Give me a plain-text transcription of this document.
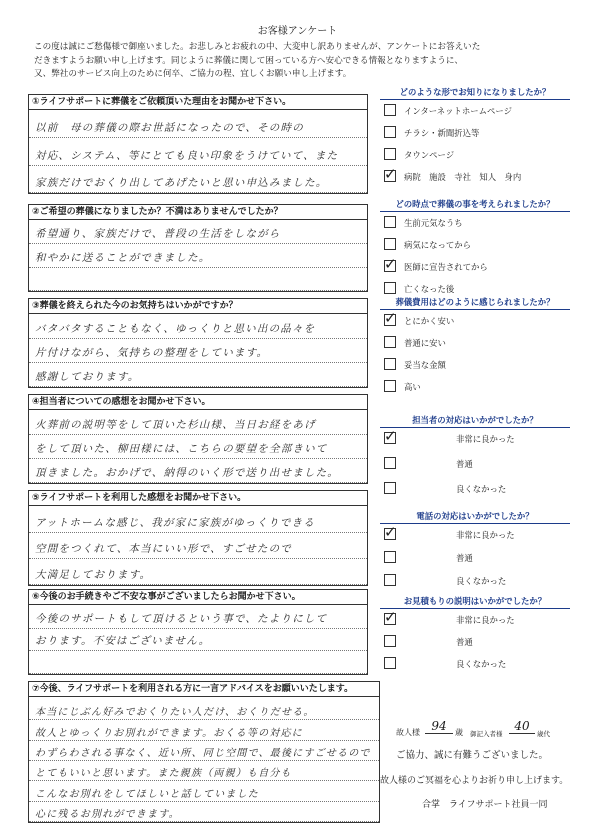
お客様アンケート
この度は誠にご愁傷様で御座いました。お悲しみとお疲れの中、大変申し訳ありませんが、アンケートにお答えいた
だきますようお願い申し上げます。同じように葬儀に関して困っている方へ安心できる情報となりますように、
又、弊社のサービス向上のために何卒、ご協力の程、宜しくお願い申し上げます。
①ライフサポートに葬儀をご依頼頂いた理由をお聞かせ下さい。
以前　母の葬儀の際お世話になったので、その時の
対応、システム、等にとても良い印象をうけていて、また
家族だけでおくり出してあげたいと思い申込みました。
②ご希望の葬儀になりましたか？不満はありませんでしたか？
希望通り、家族だけで、普段の生活をしながら
和やかに送ることができました。
③葬儀を終えられた今のお気持ちはいかがですか？
バタバタすることもなく、ゆっくりと思い出の品々を
片付けながら、気持ちの整理をしています。
感謝しております。
④担当者についての感想をお聞かせ下さい。
火葬前の説明等をして頂いた杉山様、当日お経をあげ
をして頂いた、柳田様には、こちらの要望を全部きいて
頂きました。おかげで、納得のいく形で送り出せました。
⑤ライフサポートを利用した感想をお聞かせ下さい。
アットホームな感じ、我が家に家族がゆっくりできる
空間をつくれて、本当にいい形で、すごせたので
大満足しております。
⑥今後のお手続きやご不安な事がございましたらお聞かせ下さい。
今後のサポートもして頂けるという事で、たよりにして
おります。不安はございません。
⑦今後、ライフサポートを利用される方に一言アドバイスをお願いいたします。
本当にじぶん好みでおくりたい人だけ、おくりだせる。
故人とゆっくりお別れができます。おくる等の対応に
わずらわされる事なく、近い所、同じ空間で、最後にすごせるので
とてもいいと思います。また親族（両親）も自分も
こんなお別れをしてほしいと話していました
心に残るお別れができます。
どのような形でお知りになりましたか？
インターネットホームページ
チラシ・新聞折込等
タウンページ
✓ 病院　施設　寺社　知人　身内
どの時点で葬儀の事を考えられましたか？
生前元気なうち
病気になってから
✓ 医師に宣告されてから
亡くなった後
葬儀費用はどのように感じられましたか？
✓ とにかく安い
普通に安い
妥当な金額
高い
担当者の対応はいかがでしたか？
✓	非常に良かった
普通
良くなかった
電話の対応はいかがでしたか？
✓	非常に良かった
普通
良くなかった
お見積もりの説明はいかがでしたか？
✓	非常に良かった
普通
良くなかった
故人様 94	歳 御記入者様
40
歳代
ご協力、誠に有難うございました。
故人様のご冥福を心よりお祈り申し上げます。
合掌　ライフサポート社員一同
